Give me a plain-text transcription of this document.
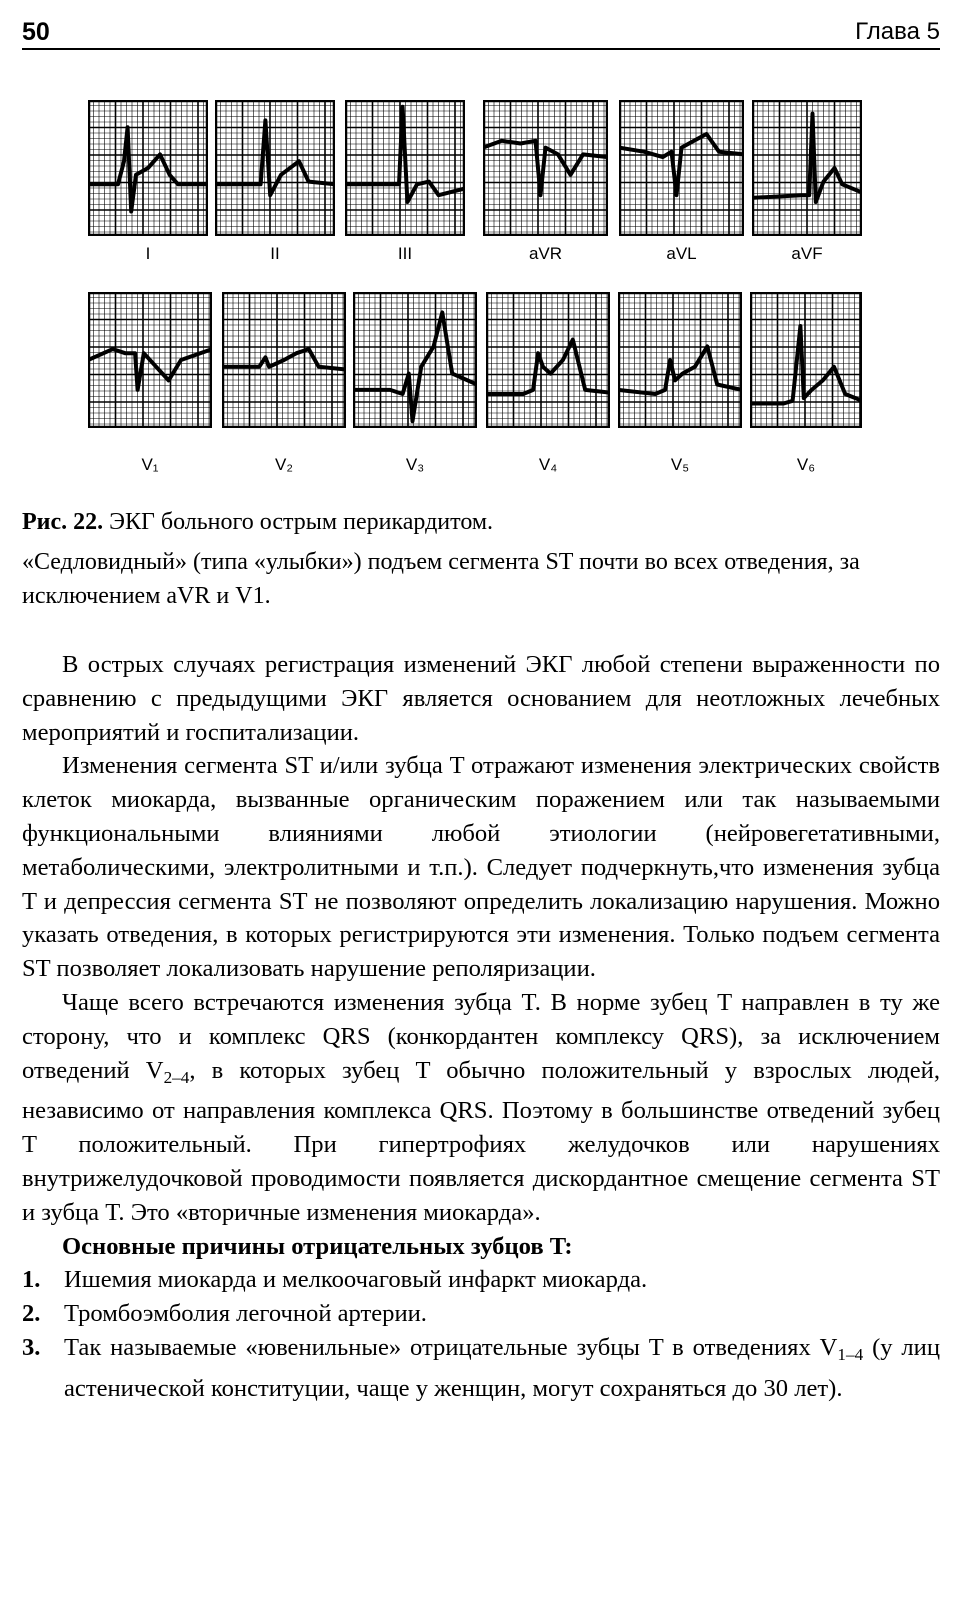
50	Глава 5
I	II	III	aVR	aVL	aVF
V₁	V₂	V₃	V₄	V₅	V₆
Рис. 22. ЭКГ больного острым перикардитом.
«Седловидный» (типа «улыбки») подъем сегмента ST почти во всех отведения, за исключением aVR и V1.

В острых случаях регистрация изменений ЭКГ любой степени выраженности по сравнению с предыдущими ЭКГ является основанием для неотложных лечебных мероприятий и госпитализации.

Изменения сегмента ST и/или зубца T отражают изменения электрических свойств клеток миокарда, вызванные органическим поражением или так называемыми функциональными влияниями любой этиологии (нейровегетативными, метаболическими, электролитными и т.п.). Следует подчеркнуть,что изменения зубца T и депрессия сегмента ST не позволяют определить локализацию нарушения. Можно указать отведения, в которых регистрируются эти изменения. Только подъем сегмента ST позволяет локализовать нарушение реполяризации.

Чаще всего встречаются изменения зубца T. В норме зубец T направлен в ту же сторону, что и комплекс QRS (конкордантен комплексу QRS), за исключением отведений $V_{2-4}$, в которых зубец T обычно положительный у взрослых людей, независимо от направления комплекса QRS. Поэтому в большинстве отведений зубец T положительный. При гипертрофиях желудочков или нарушениях внутрижелудочковой проводимости появляется дискордантное смещение сегмента ST и зубца T. Это «вторичные изменения миокарда».

Основные причины отрицательных зубцов T:

1. Ишемия миокарда и мелкоочаговый инфаркт миокарда.
2. Тромбоэмболия легочной артерии.
3. Так называемые «ювенильные» отрицательные зубцы T в отведениях $V_{1-4}$ (у лиц астенической конституции, чаще у женщин, могут сохраняться до 30 лет).
